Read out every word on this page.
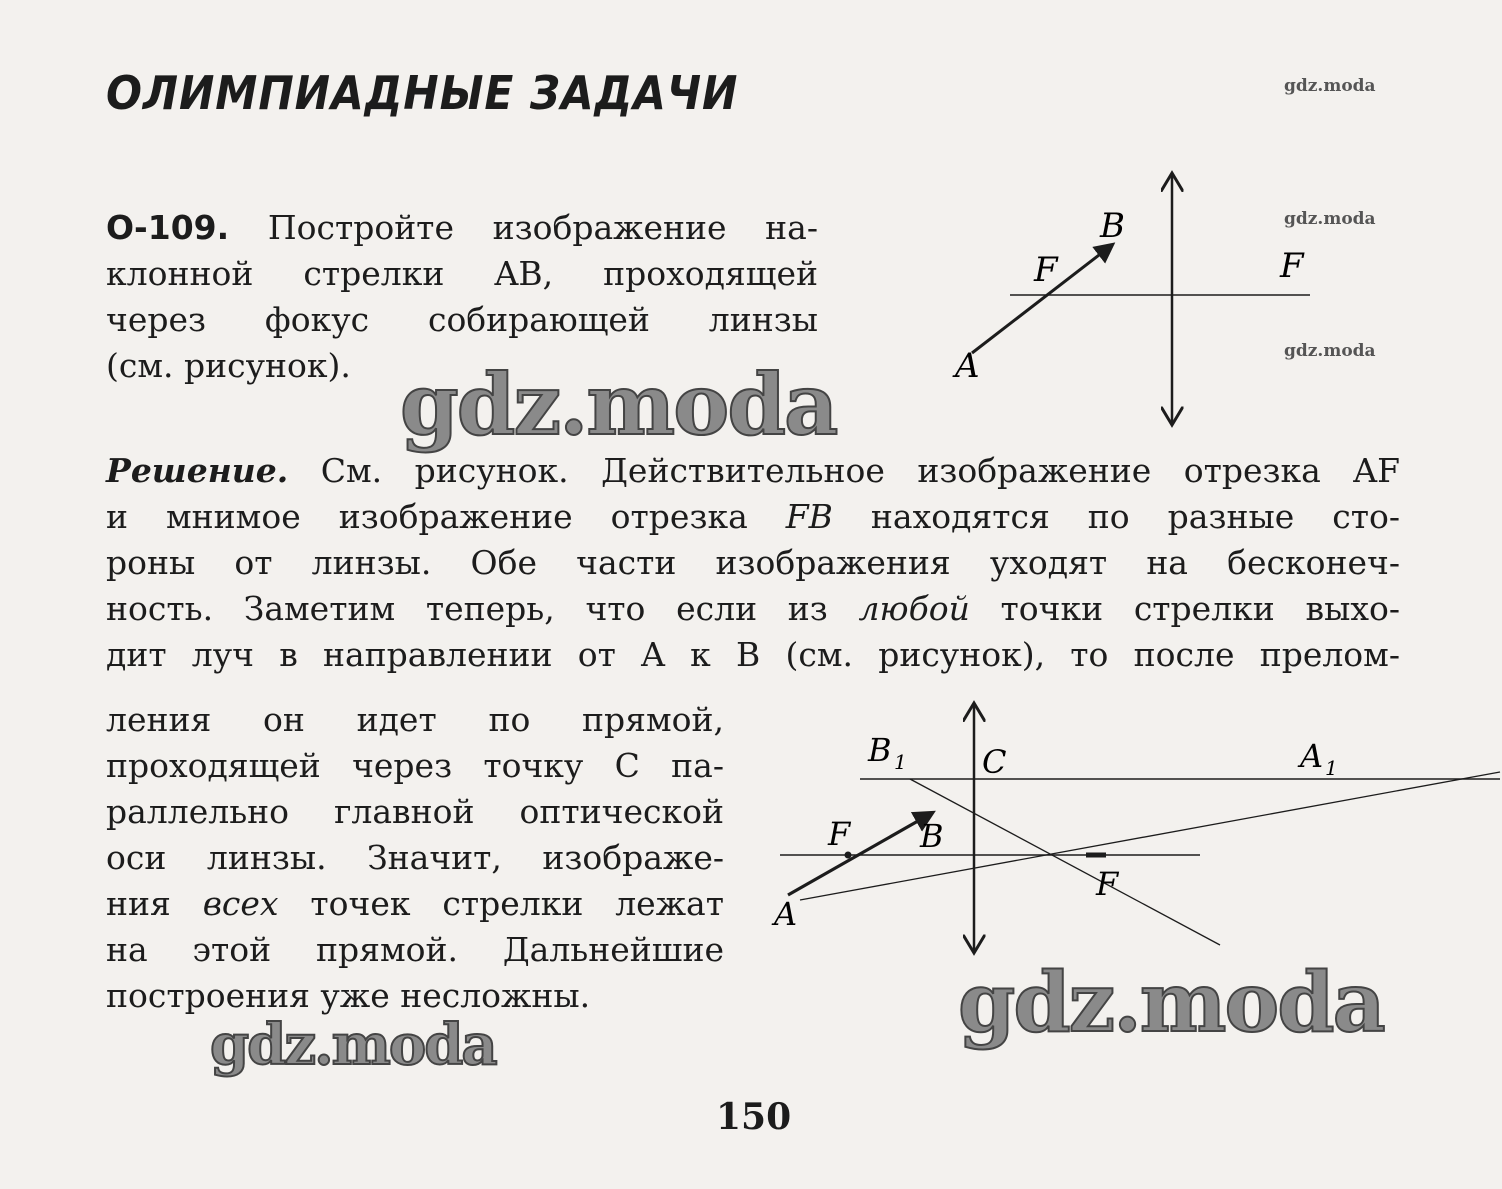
ОЛИМПИАДНЫЕ ЗАДАЧИ	gdz.moda
gdz.moda
gdz.moda
О-109. Постройте изображение на-
клонной стрелки AB, проходящей
через фокус собирающей линзы
(см. рисунок).	A
B
F	F
gdz.moda
Решение. См. рисунок. Действительное изображение отрезка AF
и мнимое изображение отрезка FB находятся по разные сто-
роны от линзы. Обе части изображения уходят на бесконеч-
ность. Заметим теперь, что если из любой точки стрелки выхо-
дит луч в направлении от A к B (см. рисунок), то после прелом-
ления он идет по прямой,
проходящей через точку C па-
раллельно главной оптической
оси линзы. Значит, изображе-
ния всех точек стрелки лежат
на этой прямой. Дальнейшие
построения уже несложны.
A
B
F
F
C
B 1	A 1
gdz.moda
gdz.moda
150
